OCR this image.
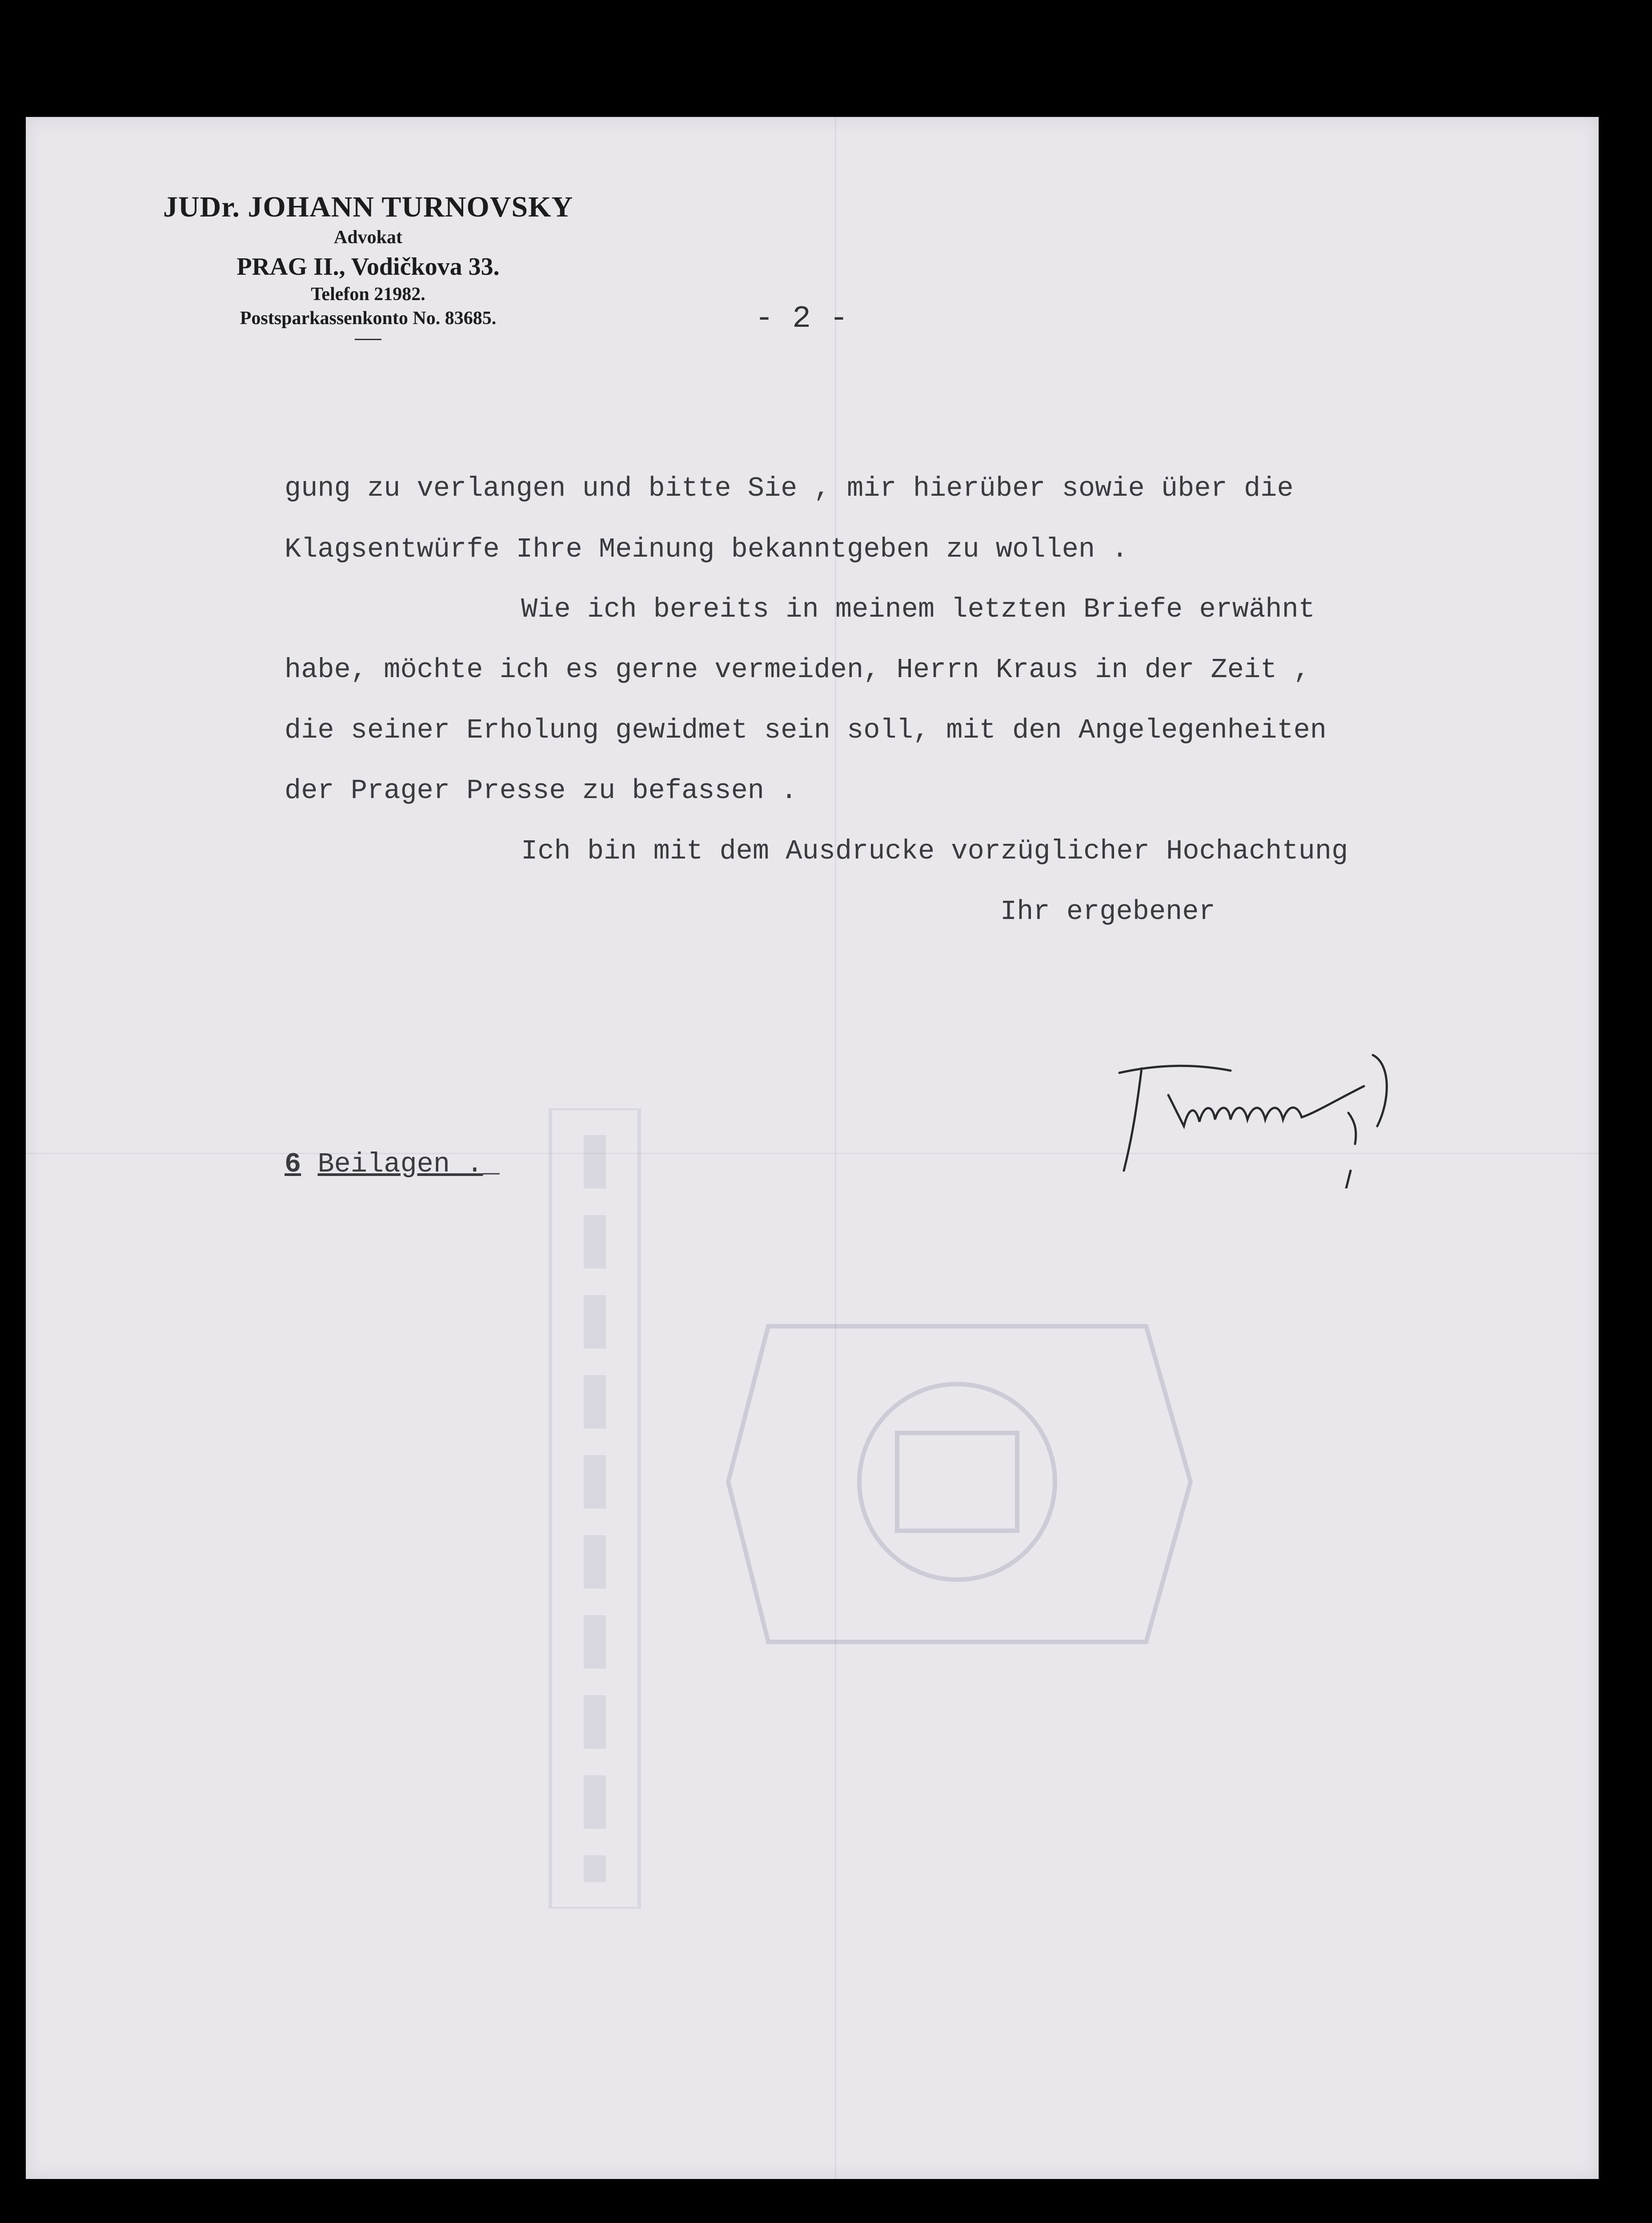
JUDr. JOHANN TURNOVSKY
Advokat
PRAG II., Vodičkova 33.
Telefon 21982.
Postsparkassenkonto No. 83685.	- 2 -

gung zu verlangen und bitte Sie , mir hierüber sowie über die

Klagsentwürfe Ihre Meinung bekanntgeben zu wollen .

Wie ich bereits in meinem letzten Briefe erwähnt

habe, möchte ich es gerne vermeiden, Herrn Kraus in der Zeit ,

die seiner Erholung gewidmet sein soll, mit den Angelegenheiten

der Prager Presse zu befassen .

Ich bin mit dem Ausdrucke vorzüglicher Hochachtung

Ihr ergebener

6 Beilagen ._
